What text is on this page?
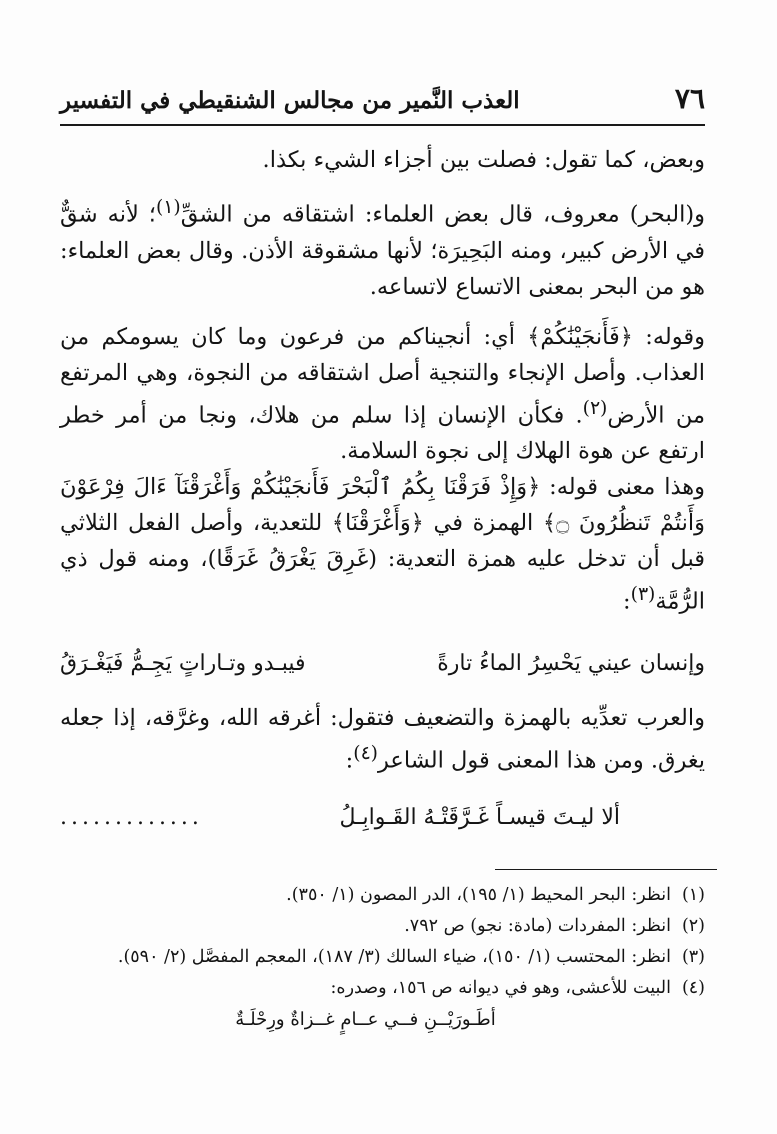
٧٦
العذب النَّمير من مجالس الشنقيطي في التفسير

وبعض، كما تقول: فصلت بين أجزاء الشيء بكذا.

و(البحر) معروف، قال بعض العلماء: اشتقاقه من الشقِّ$^{(١)}$؛ لأنه شقٌّ في الأرض كبير، ومنه البَحِيرَة؛ لأنها مشقوقة الأذن. وقال بعض العلماء: هو من البحر بمعنى الاتساع لاتساعه.

وقوله: ﴿فَأَنجَيْنَٰكُمْ﴾ أي: أنجيناكم من فرعون وما كان يسومكم من العذاب. وأصل الإنجاء والتنجية أصل اشتقاقه من النجوة، وهي المرتفع من الأرض$^{(٢)}$. فكأن الإنسان إذا سلم من هلاك، ونجا من أمر خطر ارتفع عن هوة الهلاك إلى نجوة السلامة.

وهذا معنى قوله: ﴿وَإِذْ فَرَقْنَا بِكُمُ ٱلْبَحْرَ فَأَنجَيْنَٰكُمْ وَأَغْرَقْنَآ ءَالَ فِرْعَوْنَ وَأَنتُمْ تَنظُرُونَ ۝﴾ الهمزة في ﴿وَأَغْرَقْنَا﴾ للتعدية، وأصل الفعل الثلاثي قبل أن تدخل عليه همزة التعدية: (غَرِقَ يَغْرَقُ غَرَقًا)، ومنه قول ذي الرُّمَّة$^{(٣)}$:

وإنسان عيني يَحْسِرُ الماءُ تارةً
فيبـدو وتـاراتٍ يَجِـمُّ فَيَغْـرَقُ

والعرب تعدِّيه بالهمزة والتضعيف فتقول: أغرقه الله، وغرَّقه، إذا جعله يغرق. ومن هذا المعنى قول الشاعر$^{(٤)}$:

ألا ليـتَ قيسـاً غَـرَّقَتْـهُ القَـوابِـلُ
.............
(١)
انظر: البحر المحيط (١/ ١٩٥)، الدر المصون (١/ ٣٥٠).
(٢)
انظر: المفردات (مادة: نجو) ص ٧٩٢.
(٣)
انظر: المحتسب (١/ ١٥٠)، ضياء السالك (٣/ ١٨٧)، المعجم المفصَّل (٢/ ٥٩٠).
(٤)
البيت للأعشى، وهو في ديوانه ص ١٥٦، وصدره:
أطَـورَيْــنِ فــي عــامٍ غــزاةٌ ورِحْلَـةٌ
